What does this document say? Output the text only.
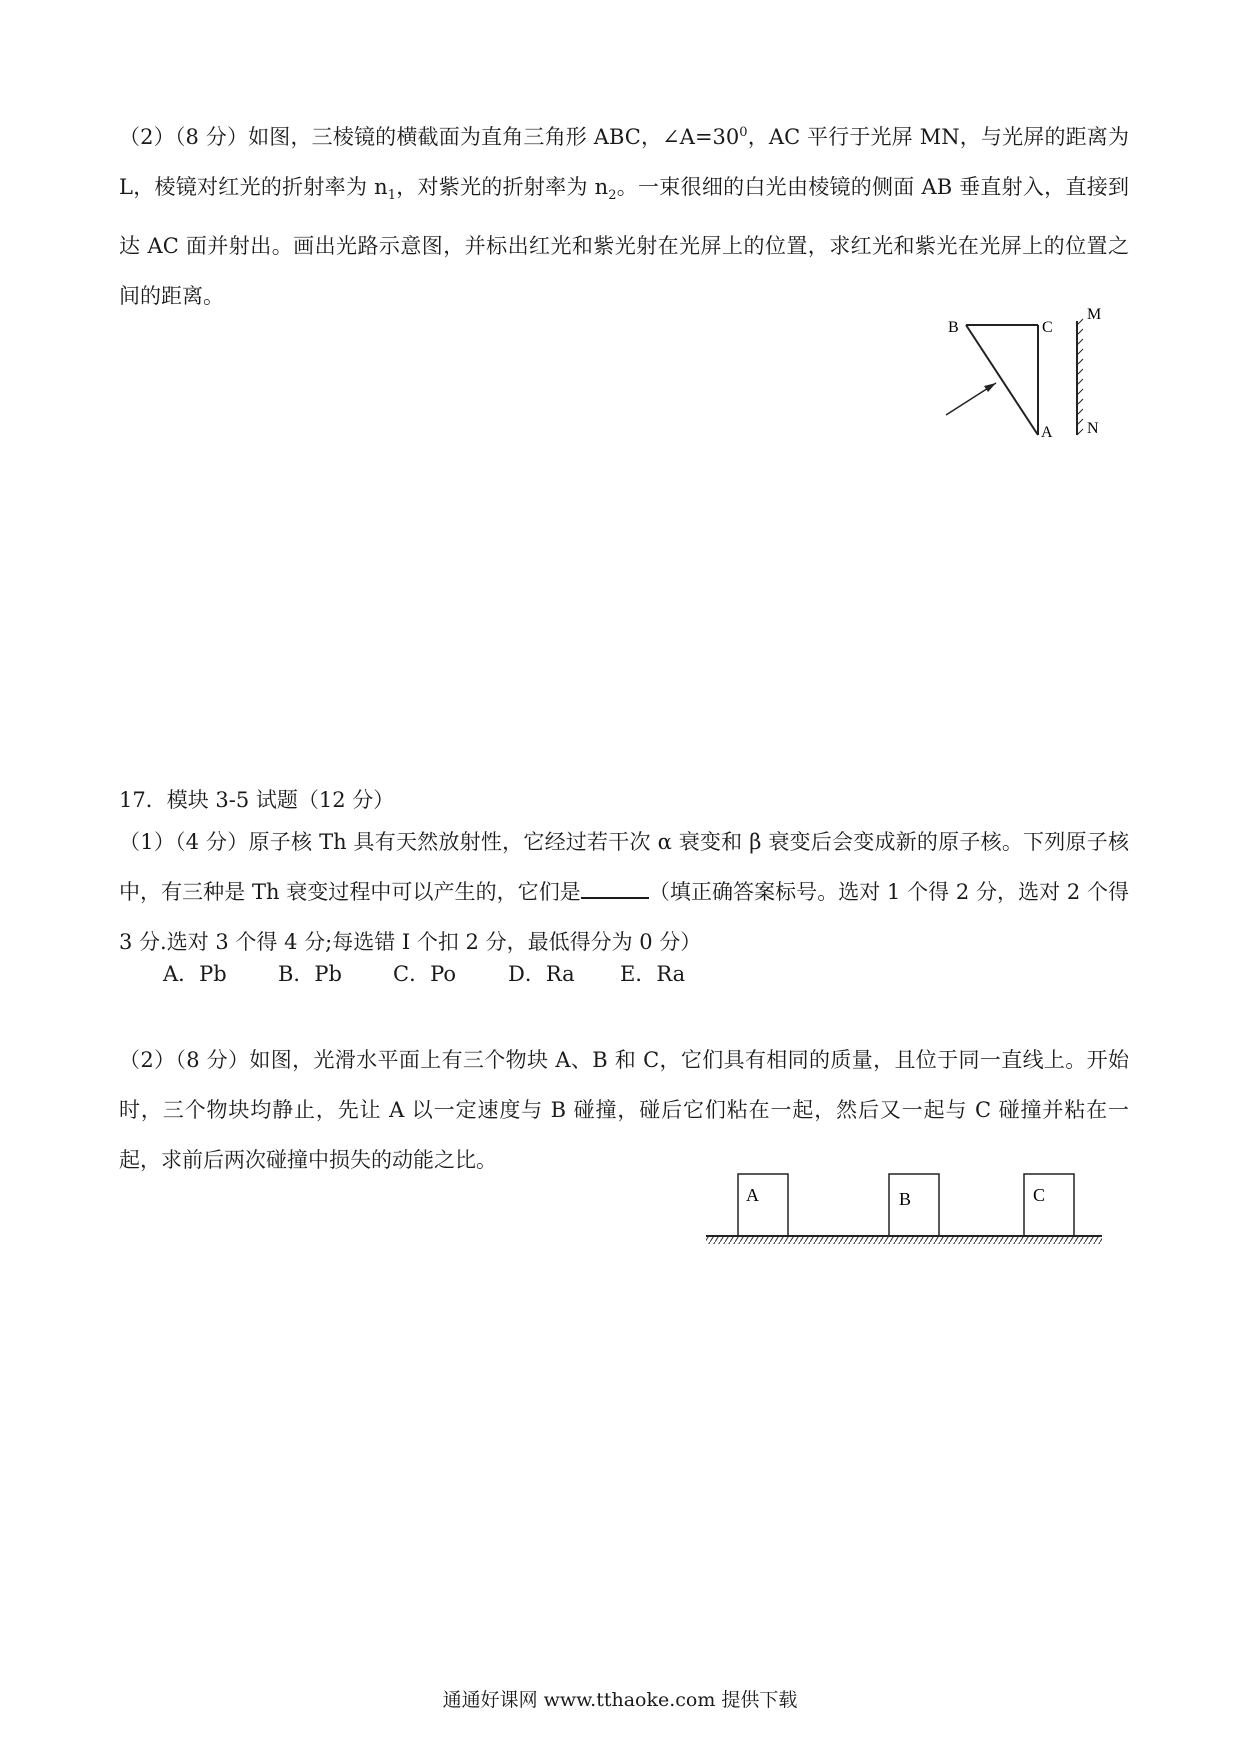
（2）（8 分）如图，三棱镜的横截面为直角三角形 ABC，$\angle A=30^0$，AC 平行于光屏 MN，与光屏的距离为 L，棱镜对红光的折射率为 $n_1$，对紫光的折射率为 $n_2$。一束很细的白光由棱镜的侧面 AB 垂直射入，直接到达 AC 面并射出。画出光路示意图，并标出红光和紫光射在光屏上的位置，求红光和紫光在光屏上的位置之间的距离。
B	C
A
M
N
17．模块 3-5 试题（12 分）
（1）（4 分）原子核 Th 具有天然放射性，它经过若干次 α 衰变和 β 衰变后会变成新的原子核。下列原子核中，有三种是 Th 衰变过程中可以产生的，它们是	（填正确答案标号。选对 1 个得 2 分，选对 2 个得 3 分.选对 3 个得 4 分;每选错 I 个扣 2 分，最低得分为 0 分）
A．Pb B．Pb C．Po D．Ra E．Ra
（2）（8 分）如图，光滑水平面上有三个物块 A、B 和 C，它们具有相同的质量，且位于同一直线上。开始时，三个物块均静止，先让 A 以一定速度与 B 碰撞，碰后它们粘在一起，然后又一起与 C 碰撞并粘在一起，求前后两次碰撞中损失的动能之比。
A	B	C
通通好课网 www.tthaoke.com 提供下载
